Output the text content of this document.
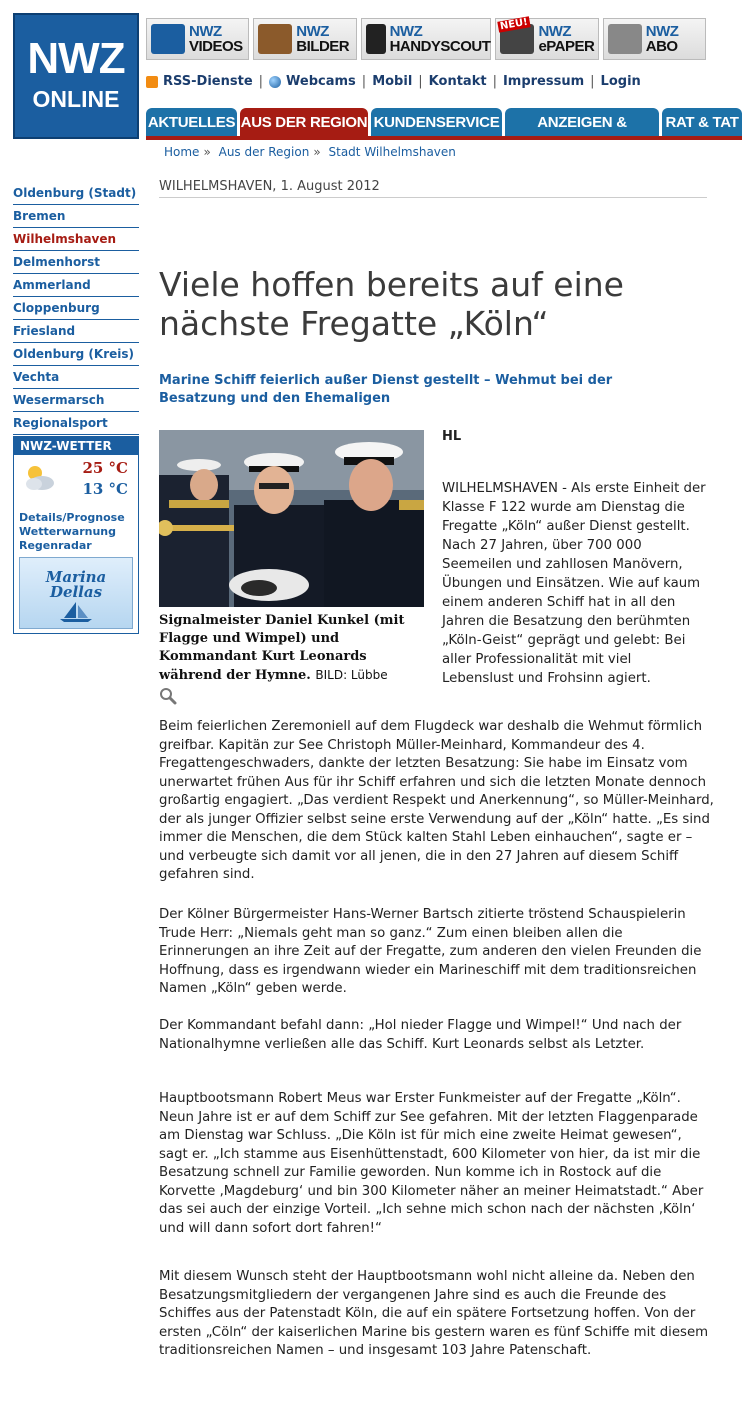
NWZ
ONLINE
NWZ
VIDEOS
NWZ
BILDER
NWZ
HANDYSCOUT
NEU! NWZ
ePAPER
NWZ
ABO
RSS-Dienste | Webcams | Mobil | Kontakt | Impressum | Login
AKTUELLES AUS DER REGION KUNDENSERVICE	ANZEIGEN & MÄRKTE
RAT & TAT
Home » Aus der Region » Stadt Wilhelmshaven
Oldenburg (Stadt)
Bremen
Wilhelmshaven
Delmenhorst
Ammerland
Cloppenburg
Friesland
Oldenburg (Kreis)
Vechta
Wesermarsch
Regionalsport
NWZ-WETTER
25 °C
13 °C
Details/Prognose
Wetterwarnung
Regenradar
Marina
Dellas
WILHELMSHAVEN, 1. August 2012
Viele hoffen bereits auf eine nächste Fregatte „Köln“
Marine Schiff feierlich außer Dienst gestellt – Wehmut bei der Besatzung und den Ehemaligen
Signalmeister Daniel Kunkel (mit Flagge und Wimpel) und Kommandant Kurt Leonards während der Hymne. BILD: Lübbe
HL
WILHELMSHAVEN - Als erste Einheit der Klasse F 122 wurde am Dienstag die Fregatte „Köln“ außer Dienst gestellt. Nach 27 Jahren, über 700 000 Seemeilen und zahllosen Manövern, Übungen und Einsätzen. Wie auf kaum einem anderen Schiff hat in all den Jahren die Besatzung den berühmten „Köln-Geist“ geprägt und gelebt: Bei aller Professionalität mit viel Lebenslust und Frohsinn agiert.
Beim feierlichen Zeremoniell auf dem Flugdeck war deshalb die Wehmut förmlich greifbar. Kapitän zur See Christoph Müller-Meinhard, Kommandeur des 4. Fregattengeschwaders, dankte der letzten Besatzung: Sie habe im Einsatz vom unerwartet frühen Aus für ihr Schiff erfahren und sich die letzten Monate dennoch großartig engagiert. „Das verdient Respekt und Anerkennung“, so Müller-Meinhard, der als junger Offizier selbst seine erste Verwendung auf der „Köln“ hatte. „Es sind immer die Menschen, die dem Stück kalten Stahl Leben einhauchen“, sagte er – und verbeugte sich damit vor all jenen, die in den 27 Jahren auf diesem Schiff gefahren sind.
Der Kölner Bürgermeister Hans-Werner Bartsch zitierte tröstend Schauspielerin Trude Herr: „Niemals geht man so ganz.“ Zum einen bleiben allen die Erinnerungen an ihre Zeit auf der Fregatte, zum anderen den vielen Freunden die Hoffnung, dass es irgendwann wieder ein Marineschiff mit dem traditionsreichen Namen „Köln“ geben werde.
Der Kommandant befahl dann: „Hol nieder Flagge und Wimpel!“ Und nach der Nationalhymne verließen alle das Schiff. Kurt Leonards selbst als Letzter.
Hauptbootsmann Robert Meus war Erster Funkmeister auf der Fregatte „Köln“. Neun Jahre ist er auf dem Schiff zur See gefahren. Mit der letzten Flaggenparade am Dienstag war Schluss. „Die Köln ist für mich eine zweite Heimat gewesen“, sagt er. „Ich stamme aus Eisenhüttenstadt, 600 Kilometer von hier, da ist mir die Besatzung schnell zur Familie geworden. Nun komme ich in Rostock auf die Korvette ‚Magdeburg‘ und bin 300 Kilometer näher an meiner Heimatstadt.“ Aber das sei auch der einzige Vorteil. „Ich sehne mich schon nach der nächsten ‚Köln‘ und will dann sofort dort fahren!“
Mit diesem Wunsch steht der Hauptbootsmann wohl nicht alleine da. Neben den Besatzungsmitgliedern der vergangenen Jahre sind es auch die Freunde des Schiffes aus der Patenstadt Köln, die auf ein spätere Fortsetzung hoffen. Von der ersten „Cöln“ der kaiserlichen Marine bis gestern waren es fünf Schiffe mit diesem traditionsreichen Namen – und insgesamt 103 Jahre Patenschaft.
